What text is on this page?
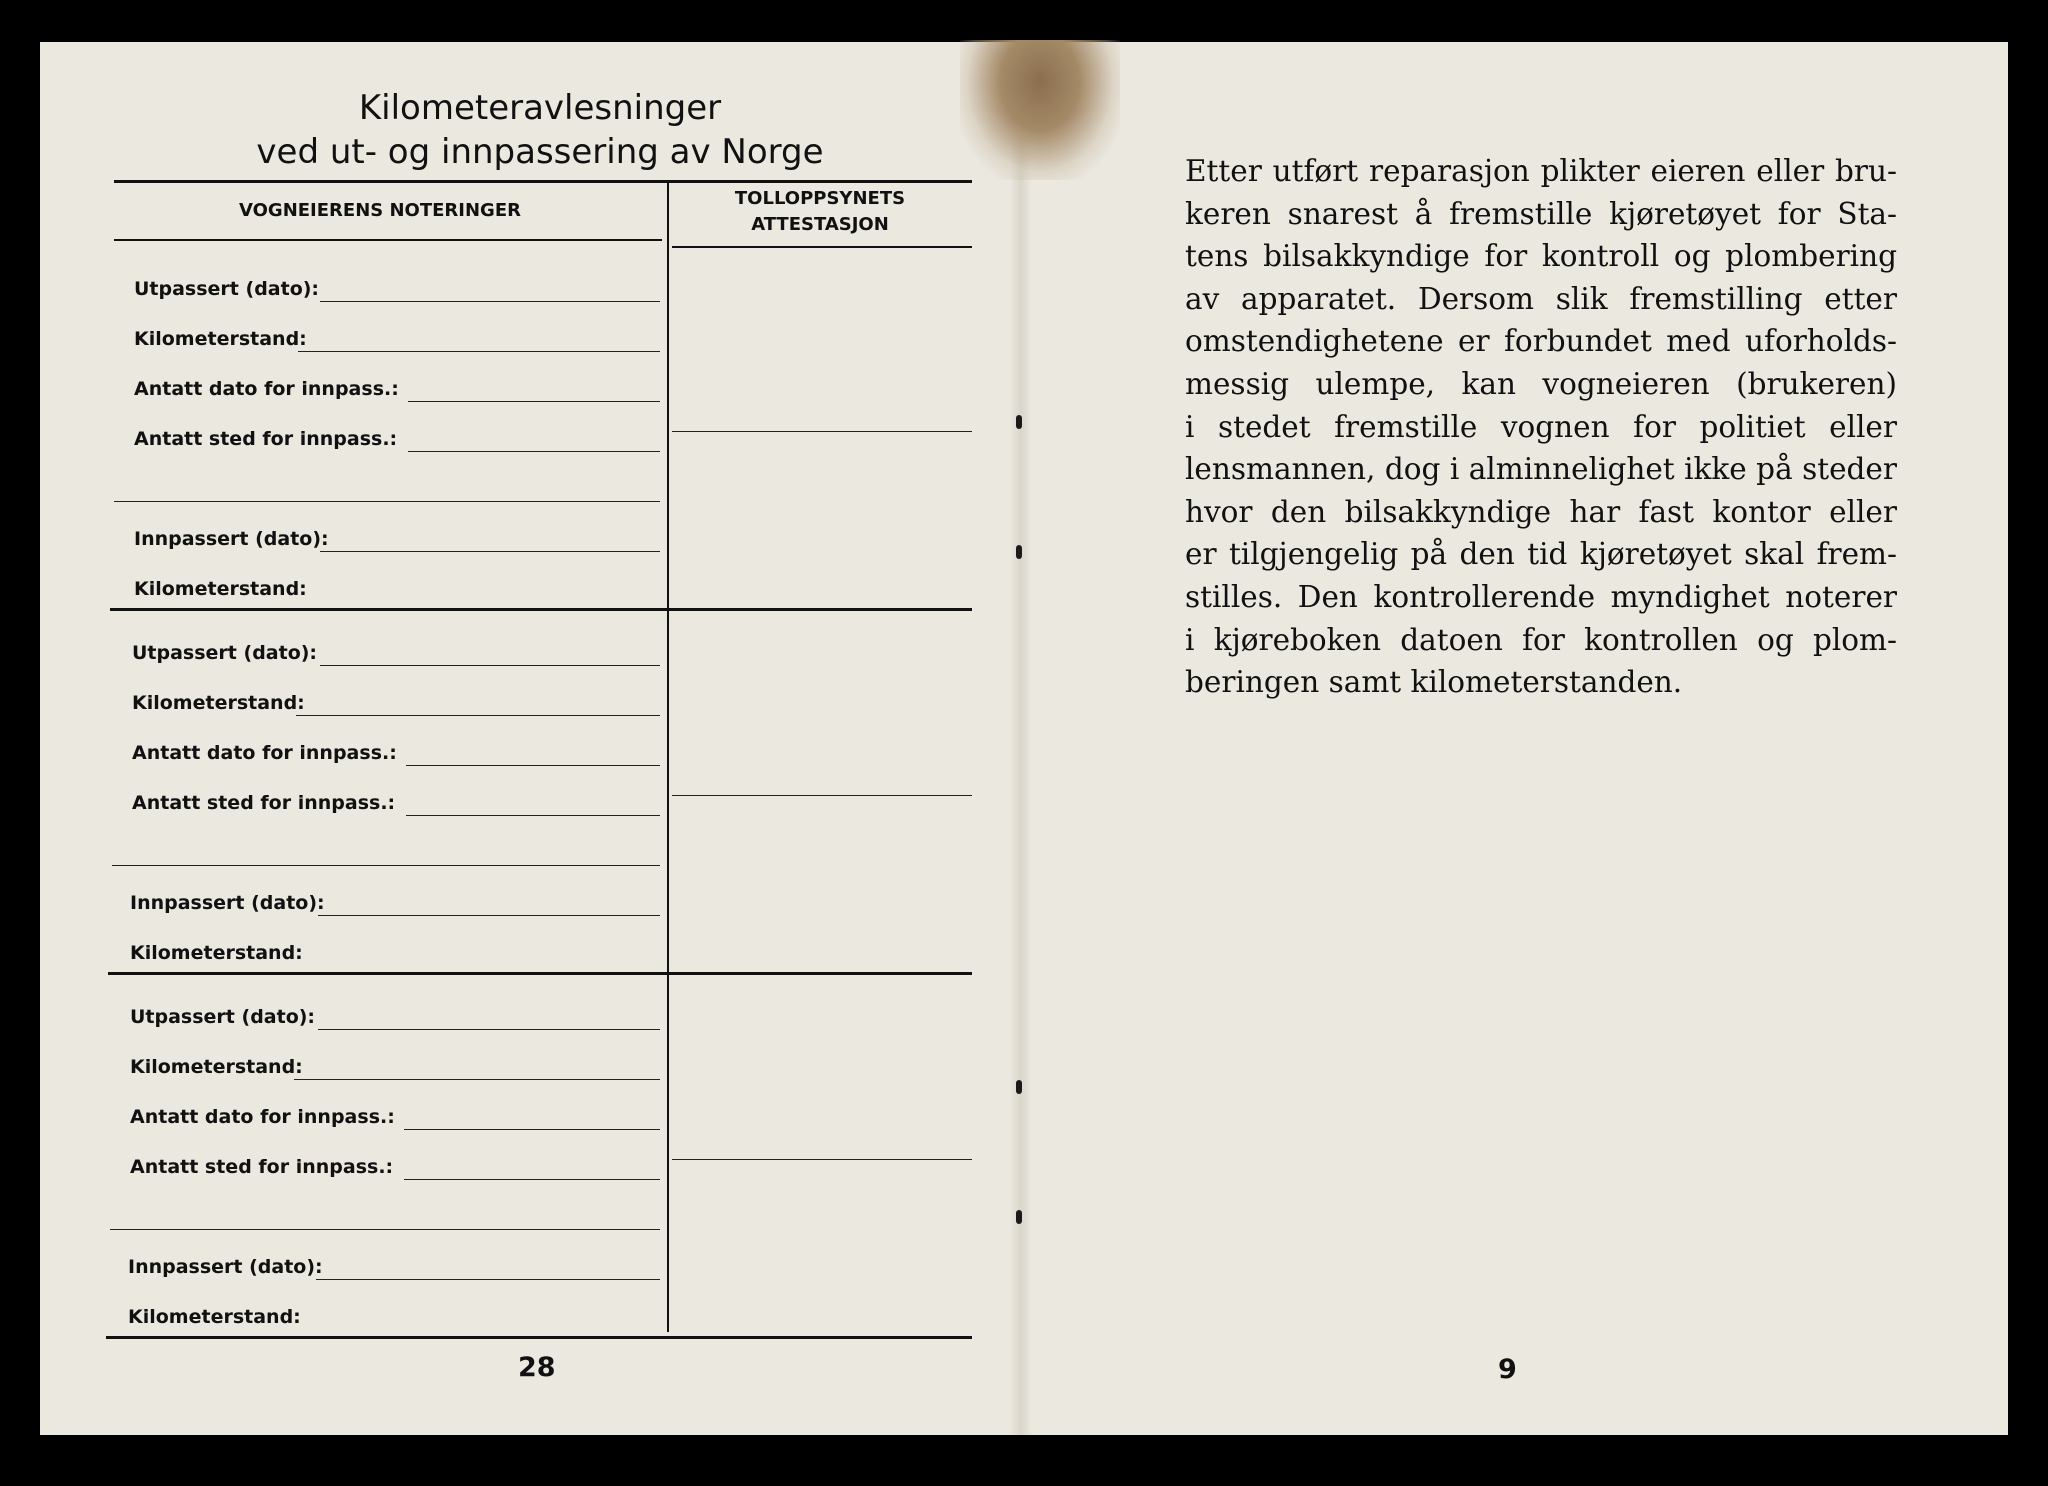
Kilometeravlesninger
ved ut- og innpassering av Norge
VOGNEIERENS NOTERINGER
TOLLOPPSYNETS
ATTESTASJON
Utpassert (dato):
Kilometerstand:
Antatt dato for innpass.:
Antatt sted for innpass.:
Innpassert (dato):
Kilometerstand:
Utpassert (dato):
Kilometerstand:
Antatt dato for innpass.:
Antatt sted for innpass.:
Innpassert (dato):
Kilometerstand:
Utpassert (dato):
Kilometerstand:
Antatt dato for innpass.:
Antatt sted for innpass.:
Innpassert (dato):
Kilometerstand:
28
Etter utført reparasjon plikter eieren eller bru-
keren snarest å fremstille kjøretøyet for Sta-
tens bilsakkyndige for kontroll og plombering
av apparatet. Dersom slik fremstilling etter
omstendighetene er forbundet med uforholds-
messig ulempe, kan vogneieren (brukeren)
i stedet fremstille vognen for politiet eller
lensmannen, dog i alminnelighet ikke på steder
hvor den bilsakkyndige har fast kontor eller
er tilgjengelig på den tid kjøretøyet skal frem-
stilles. Den kontrollerende myndighet noterer
i kjøreboken datoen for kontrollen og plom-
beringen samt kilometerstanden.
9
